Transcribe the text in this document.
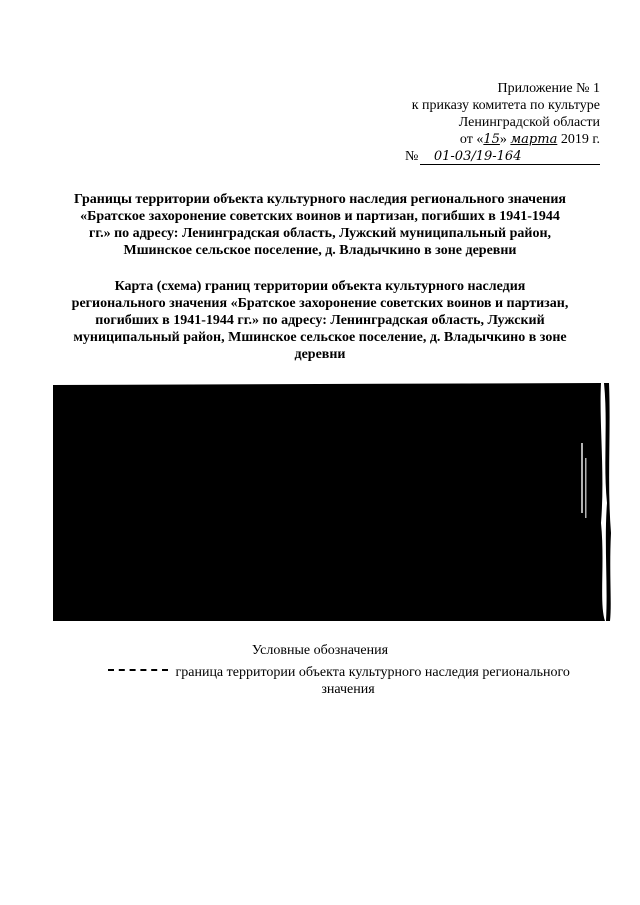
Приложение № 1
к приказу комитета по культуре
Ленинградской области
от «15» марта 2019 г.
№ 01-03/19-164
Границы территории объекта культурного наследия регионального значения «Братское захоронение советских воинов и партизан, погибших в 1941-1944 гг.» по адресу: Ленинградская область, Лужский муниципальный район, Мшинское сельское поселение, д. Владычкино в зоне деревни
Карта (схема) границ территории объекта культурного наследия регионального значения «Братское захоронение советских воинов и партизан, погибших в 1941-1944 гг.» по адресу: Ленинградская область, Лужский муниципальный район, Мшинское сельское поселение, д. Владычкино в зоне деревни
Условные обозначения
граница территории объекта культурного наследия регионального
значения
